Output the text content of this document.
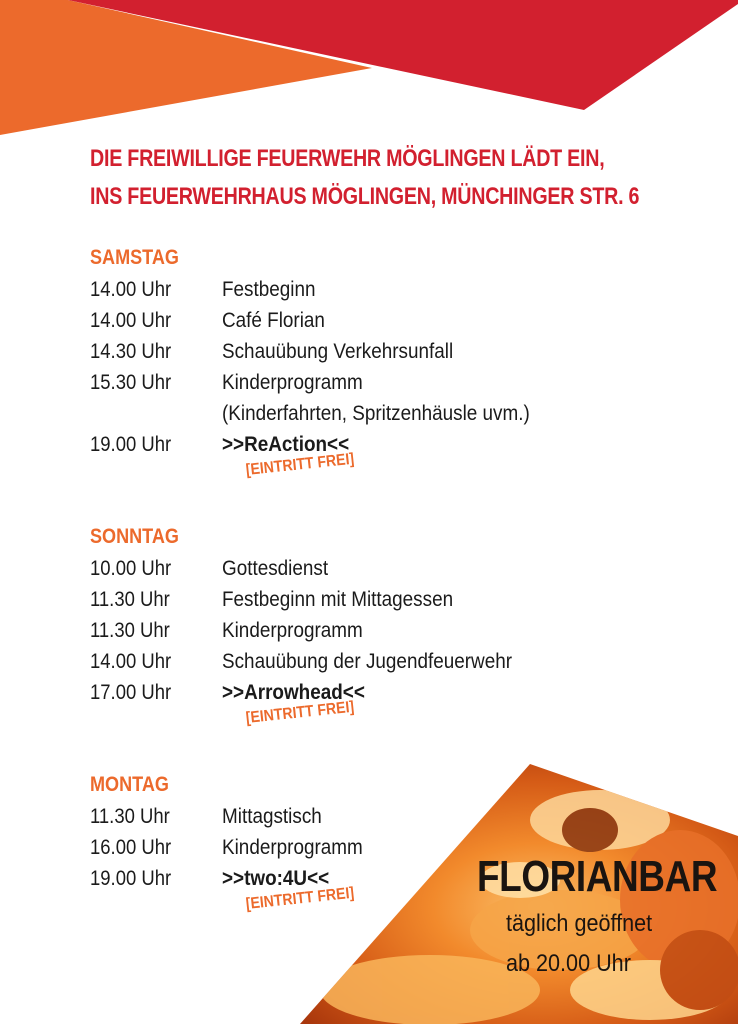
DIE FREIWILLIGE FEUERWEHR MÖGLINGEN LÄDT EIN,
INS FEUERWEHRHAUS MÖGLINGEN, MÜNCHINGER STR. 6
SAMSTAG
14.00 Uhr Festbeginn
14.00 Uhr Café Florian
14.30 Uhr Schauübung Verkehrsunfall
15.30 Uhr Kinderprogramm
(Kinderfahrten, Spritzenhäusle uvm.)
19.00 Uhr >>ReAction<<
[EINTRITT FREI]
SONNTAG
10.00 Uhr Gottesdienst
11.30 Uhr Festbeginn mit Mittagessen
11.30 Uhr Kinderprogramm
14.00 Uhr Schauübung der Jugendfeuerwehr
17.00 Uhr >>Arrowhead<<
[EINTRITT FREI]
MONTAG
11.30 Uhr Mittagstisch
16.00 Uhr Kinderprogramm
19.00 Uhr >>two:4U<<
[EINTRITT FREI]	FLORIANBAR
täglich geöffnet
ab 20.00 Uhr
